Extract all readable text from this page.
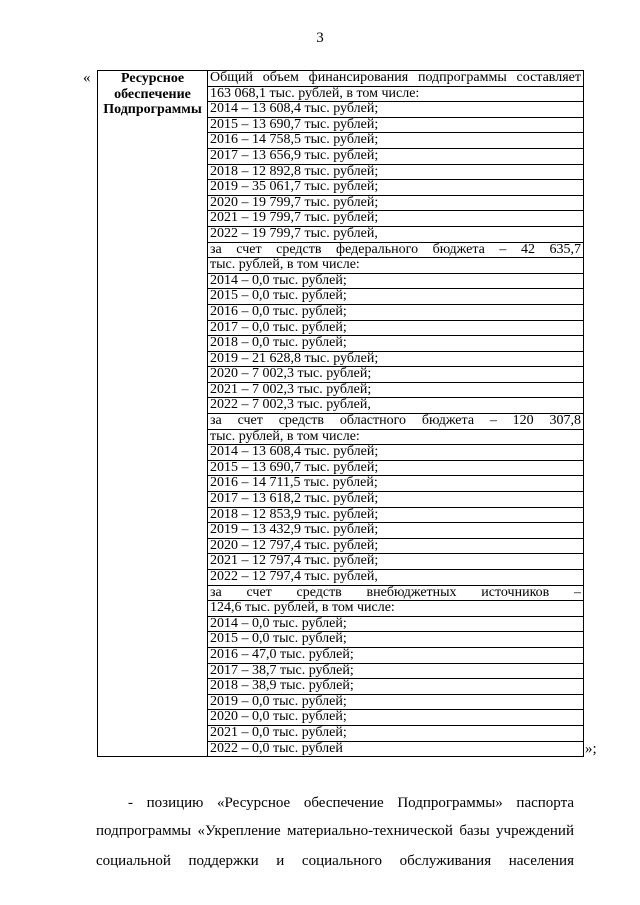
3
«	Ресурсное
обеспечение
Подпрограммы

Общий объем финансирования подпрограммы составляет
163 068,1 тыс. рублей, в том числе:
2014 – 13 608,4 тыс. рублей;
2015 – 13 690,7 тыс. рублей;
2016 – 14 758,5 тыс. рублей;
2017 – 13 656,9 тыс. рублей;
2018 – 12 892,8 тыс. рублей;
2019 – 35 061,7 тыс. рублей;
2020 – 19 799,7 тыс. рублей;
2021 – 19 799,7 тыс. рублей;
2022 – 19 799,7 тыс. рублей,
за счет средств федерального бюджета – 42 635,7
тыс. рублей, в том числе:
2014 – 0,0 тыс. рублей;
2015 – 0,0 тыс. рублей;
2016 – 0,0 тыс. рублей;
2017 – 0,0 тыс. рублей;
2018 – 0,0 тыс. рублей;
2019 – 21 628,8 тыс. рублей;
2020 – 7 002,3 тыс. рублей;
2021 – 7 002,3 тыс. рублей;
2022 – 7 002,3 тыс. рублей,
за счет средств областного бюджета – 120 307,8
тыс. рублей, в том числе:
2014 – 13 608,4 тыс. рублей;
2015 – 13 690,7 тыс. рублей;
2016 – 14 711,5 тыс. рублей;
2017 – 13 618,2 тыс. рублей;
2018 – 12 853,9 тыс. рублей;
2019 – 13 432,9 тыс. рублей;
2020 – 12 797,4 тыс. рублей;
2021 – 12 797,4 тыс. рублей;
2022 – 12 797,4 тыс. рублей,
за счет средств внебюджетных источников –
124,6 тыс. рублей, в том числе:
2014 – 0,0 тыс. рублей;
2015 – 0,0 тыс. рублей;
2016 – 47,0 тыс. рублей;
2017 – 38,7 тыс. рублей;
2018 – 38,9 тыс. рублей;
2019 – 0,0 тыс. рублей;
2020 – 0,0 тыс. рублей;
2021 – 0,0 тыс. рублей;
2022 – 0,0 тыс. рублей	»;
- позицию «Ресурсное обеспечение Подпрограммы» паспорта
подпрограммы «Укрепление материально-технической базы учреждений
социальной поддержки и социального обслуживания населения
